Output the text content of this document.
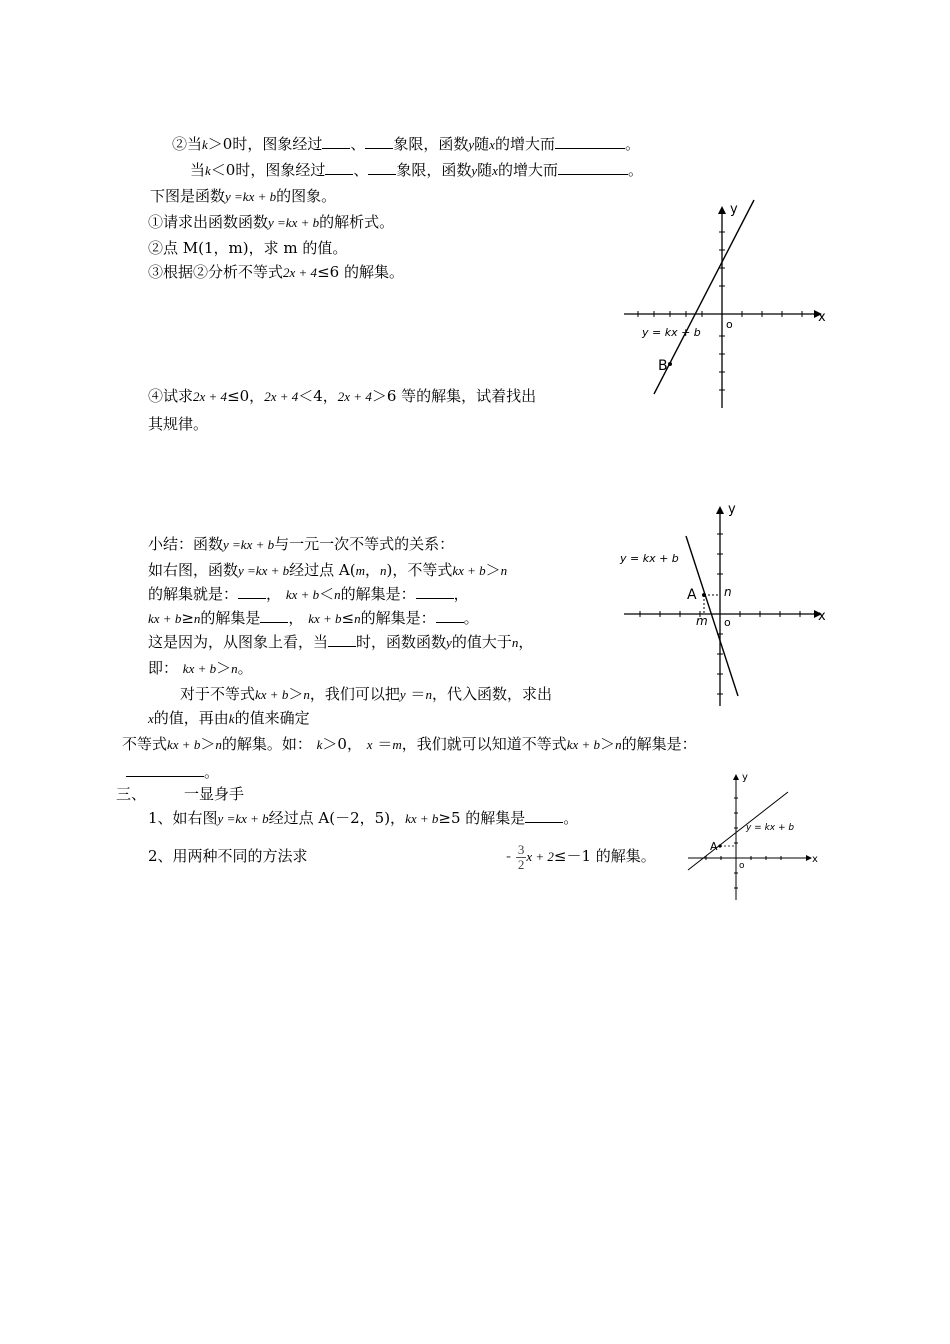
②当k＞0时，图象经过 、 象限，函数y随x的增大而	。
当k＜0时，图象经过 、 象限，函数y随x的增大而	。
下图是函数y =kx + b的图象。
①请求出函数函数y =kx + b的解析式。
②点 M(1，m)，求 m 的值。
③根据②分析不等式2x + 4≤6 的解集。
④试求2x + 4≤0，2x + 4＜4，2x + 4＞6 等的解集，试着找出
其规律。
B
o	x
y
y = kx + b
小结：函数y =kx + b与一元一次不等式的关系：
如右图，函数y =kx + b经过点 A(m，n)，不等式kx + b＞n
的解集就是： ， kx + b＜n的解集是：	，
kx + b≥n的解集是 ， kx + b≤n的解集是： 。
这是因为，从图象上看，当 时，函数函数y的值大于n，
即： kx + b＞n。
对于不等式kx + b＞n，我们可以把y ＝n，代入函数，求出
x的值，再由k的值来确定
不等式kx + b＞n的解集。如： k＞0， x ＝m，我们就可以知道不等式kx + b＞n的解集是：
。
A n
m o	x
y
y = kx + b
三、	一显身手
1、如右图y =kx + b经过点 A(－2，5)，kx + b≥5 的解集是	。
2、用两种不同的方法求	- $\frac{3}{2}$ x + 2≤－1 的解集。
A
o
x
y
y = kx + b
